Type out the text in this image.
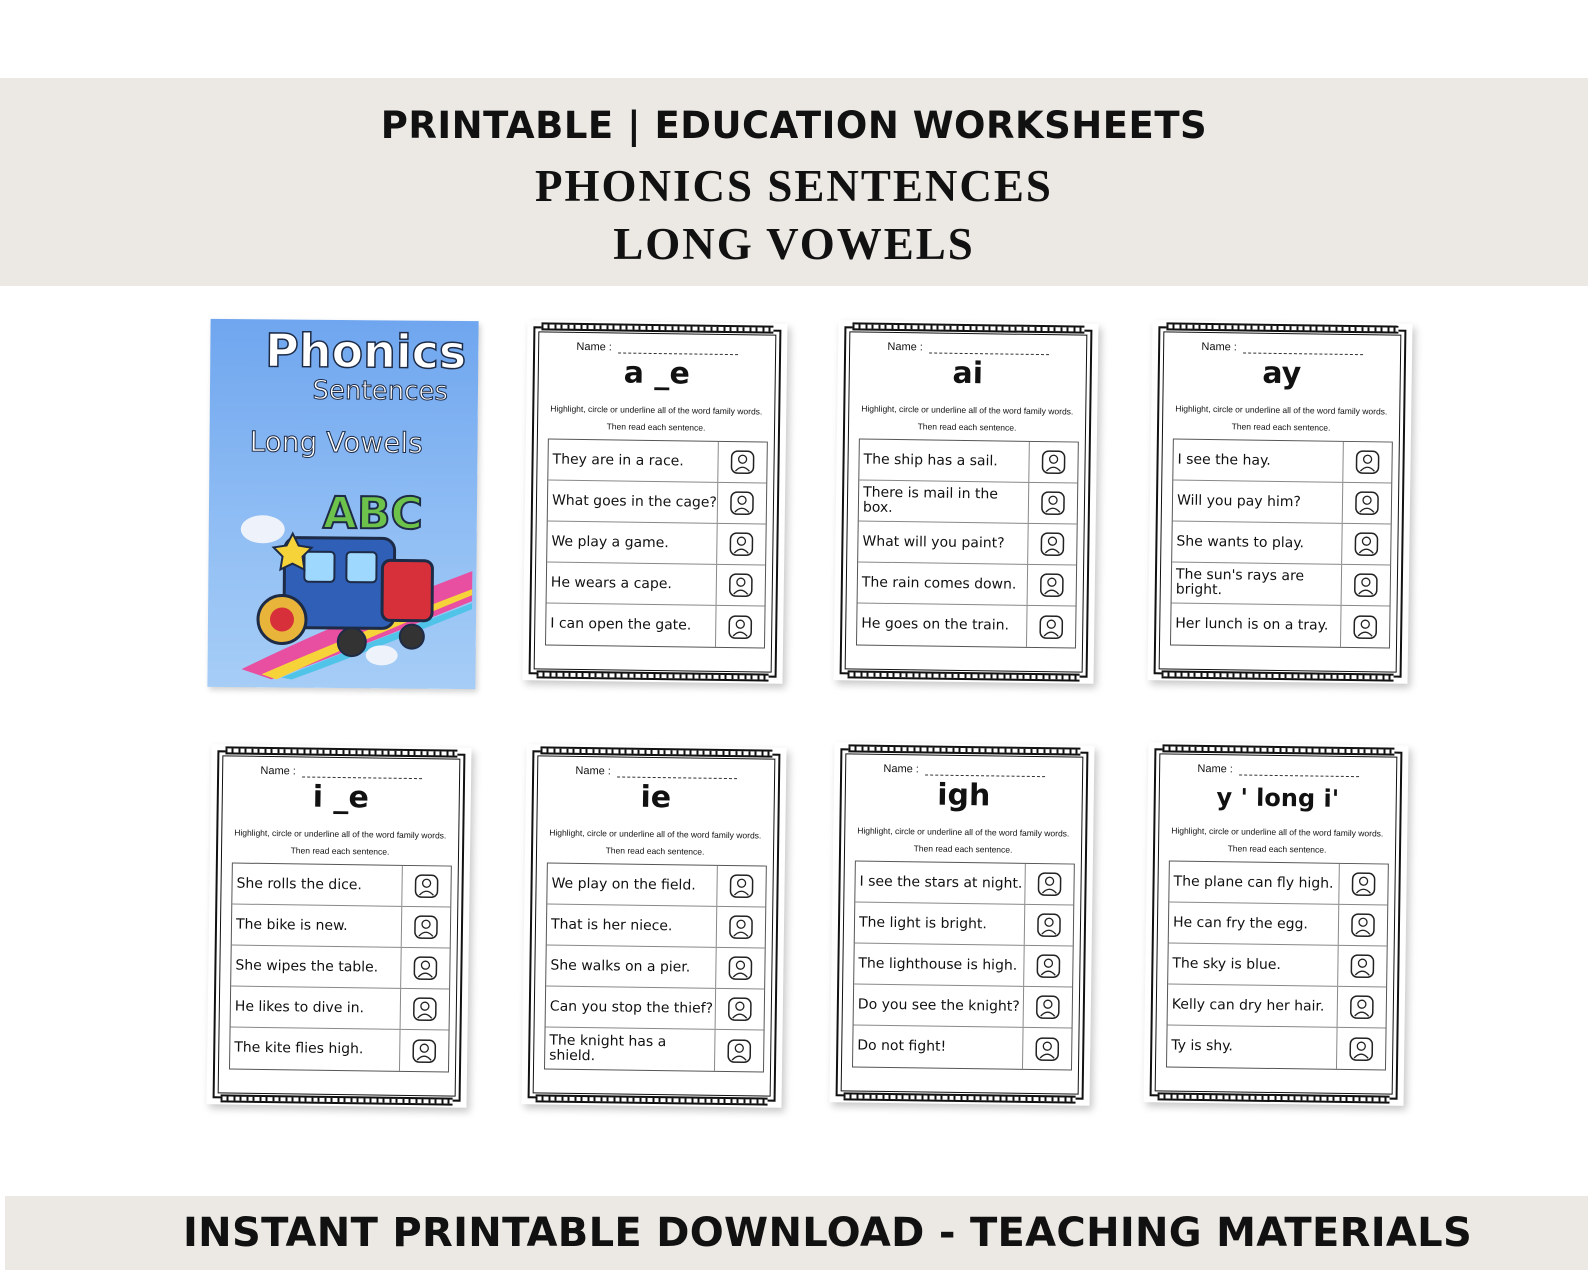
PRINTABLE | EDUCATION WORKSHEETS
PHONICS SENTENCES
LONG VOWELS
Phonics
Sentences
Long Vowels
ABC
Name :
a _e
Highlight, circle or underline all of the word family words.
Then read each sentence.
They are in a race.
What goes in the cage?
We play a game.
He wears a cape.
I can open the gate.
Name :
ai
Highlight, circle or underline all of the word family words.
Then read each sentence.
The ship has a sail.
There is mail in the box.
What will you paint?
The rain comes down.
He goes on the train.
Name :
ay
Highlight, circle or underline all of the word family words.
Then read each sentence.
I see the hay.
Will you pay him?
She wants to play.
The sun's rays are bright.
Her lunch is on a tray.
Name :
i _e
Highlight, circle or underline all of the word family words.
Then read each sentence.
She rolls the dice.
The bike is new.
She wipes the table.
He likes to dive in.
The kite flies high.
Name :
ie
Highlight, circle or underline all of the word family words.
Then read each sentence.
We play on the field.
That is her niece.
She walks on a pier.
Can you stop the thief?
The knight has a shield.
Name :
igh
Highlight, circle or underline all of the word family words.
Then read each sentence.
I see the stars at night.
The light is bright.
The lighthouse is high.
Do you see the knight?
Do not fight!
Name :
y ' long i'
Highlight, circle or underline all of the word family words.
Then read each sentence.
The plane can fly high.
He can fry the egg.
The sky is blue.
Kelly can dry her hair.
Ty is shy.
INSTANT PRINTABLE DOWNLOAD - TEACHING MATERIALS
